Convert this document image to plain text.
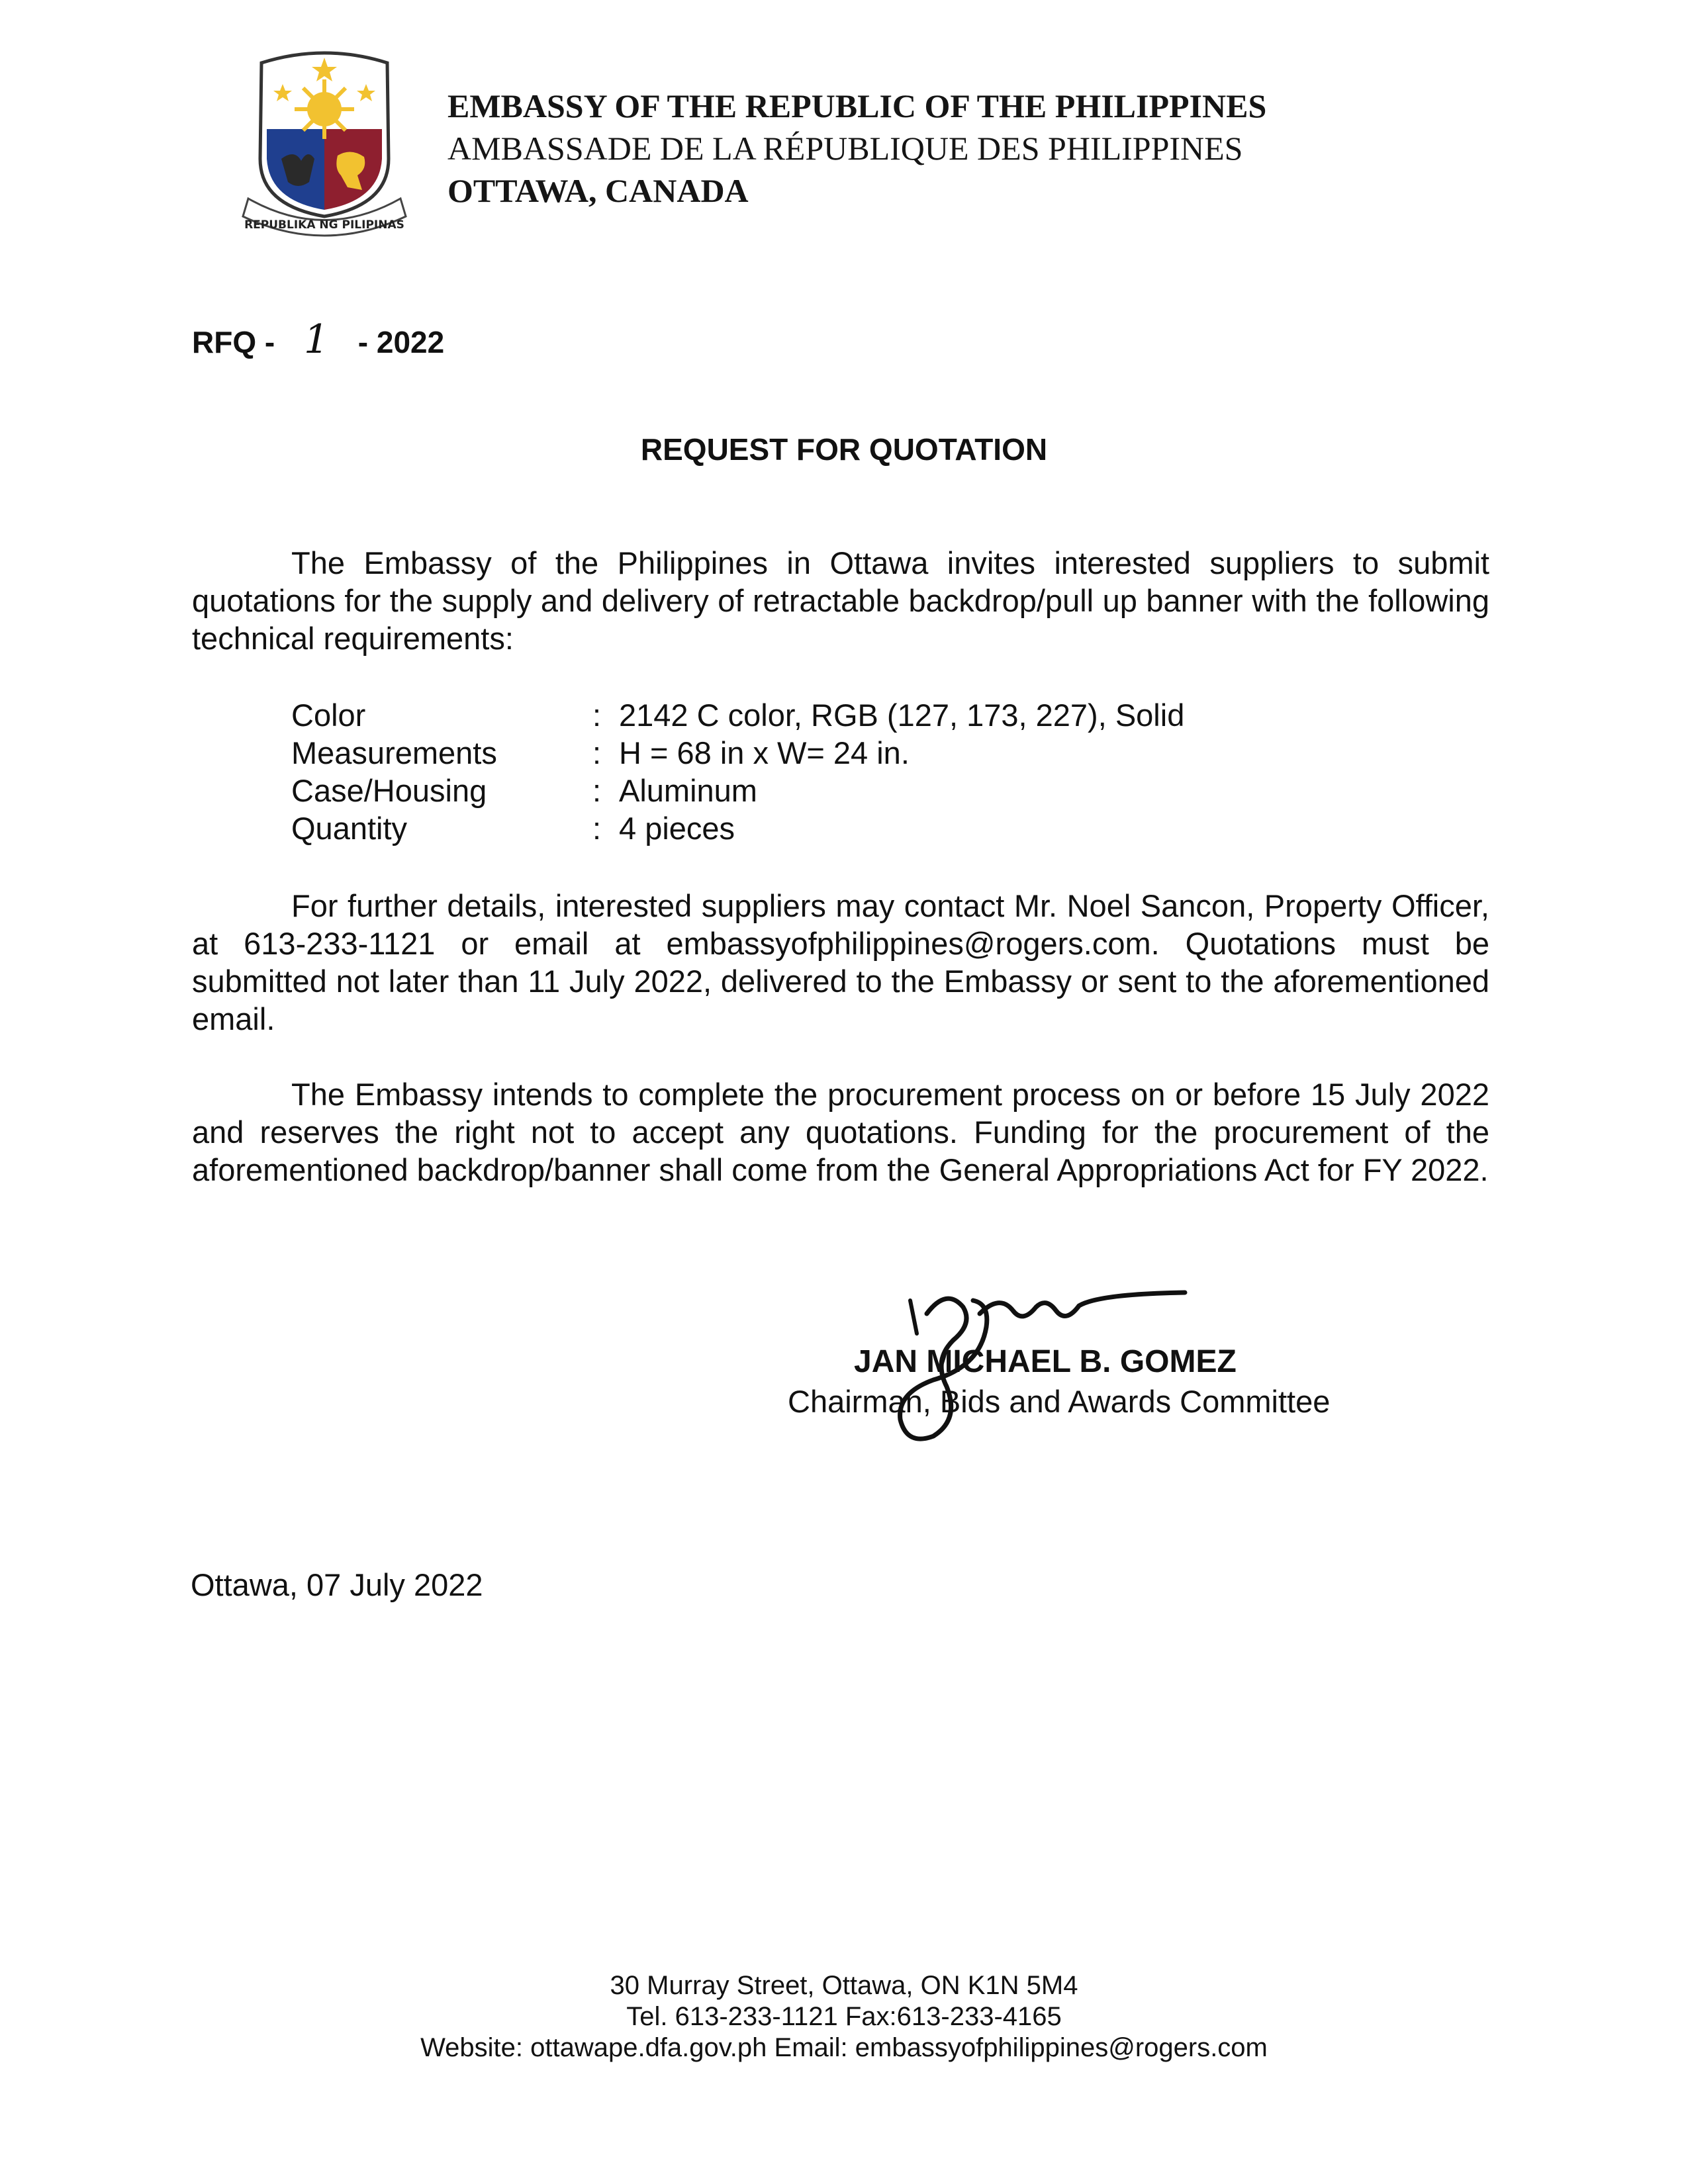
REPUBLIKA NG PILIPINAS
EMBASSY OF THE REPUBLIC OF THE PHILIPPINES
AMBASSADE DE LA RÉPUBLIQUE DES PHILIPPINES
OTTAWA, CANADA
RFQ - 1 - 2022
REQUEST FOR QUOTATION

The Embassy of the Philippines in Ottawa invites interested suppliers to submit quotations for the supply and delivery of retractable backdrop/pull up banner with the following technical requirements:

Color	: 2142 C color, RGB (127, 173, 227), Solid
Measurements	: H = 68 in x W= 24 in.
Case/Housing	: Aluminum
Quantity	: 4 pieces

For further details, interested suppliers may contact Mr. Noel Sancon, Property Officer, at 613-233-1121 or email at embassyofphilippines@rogers.com. Quotations must be submitted not later than 11 July 2022, delivered to the Embassy or sent to the aforementioned email.

The Embassy intends to complete the procurement process on or before 15 July 2022 and reserves the right not to accept any quotations. Funding for the procurement of the aforementioned backdrop/banner shall come from the General Appropriations Act for FY 2022.

JAN MICHAEL B. GOMEZ
Chairman, Bids and Awards Committee
Ottawa, 07 July 2022
30 Murray Street, Ottawa, ON K1N 5M4
Tel. 613-233-1121 Fax:613-233-4165
Website: ottawape.dfa.gov.ph Email: embassyofphilippines@rogers.com
